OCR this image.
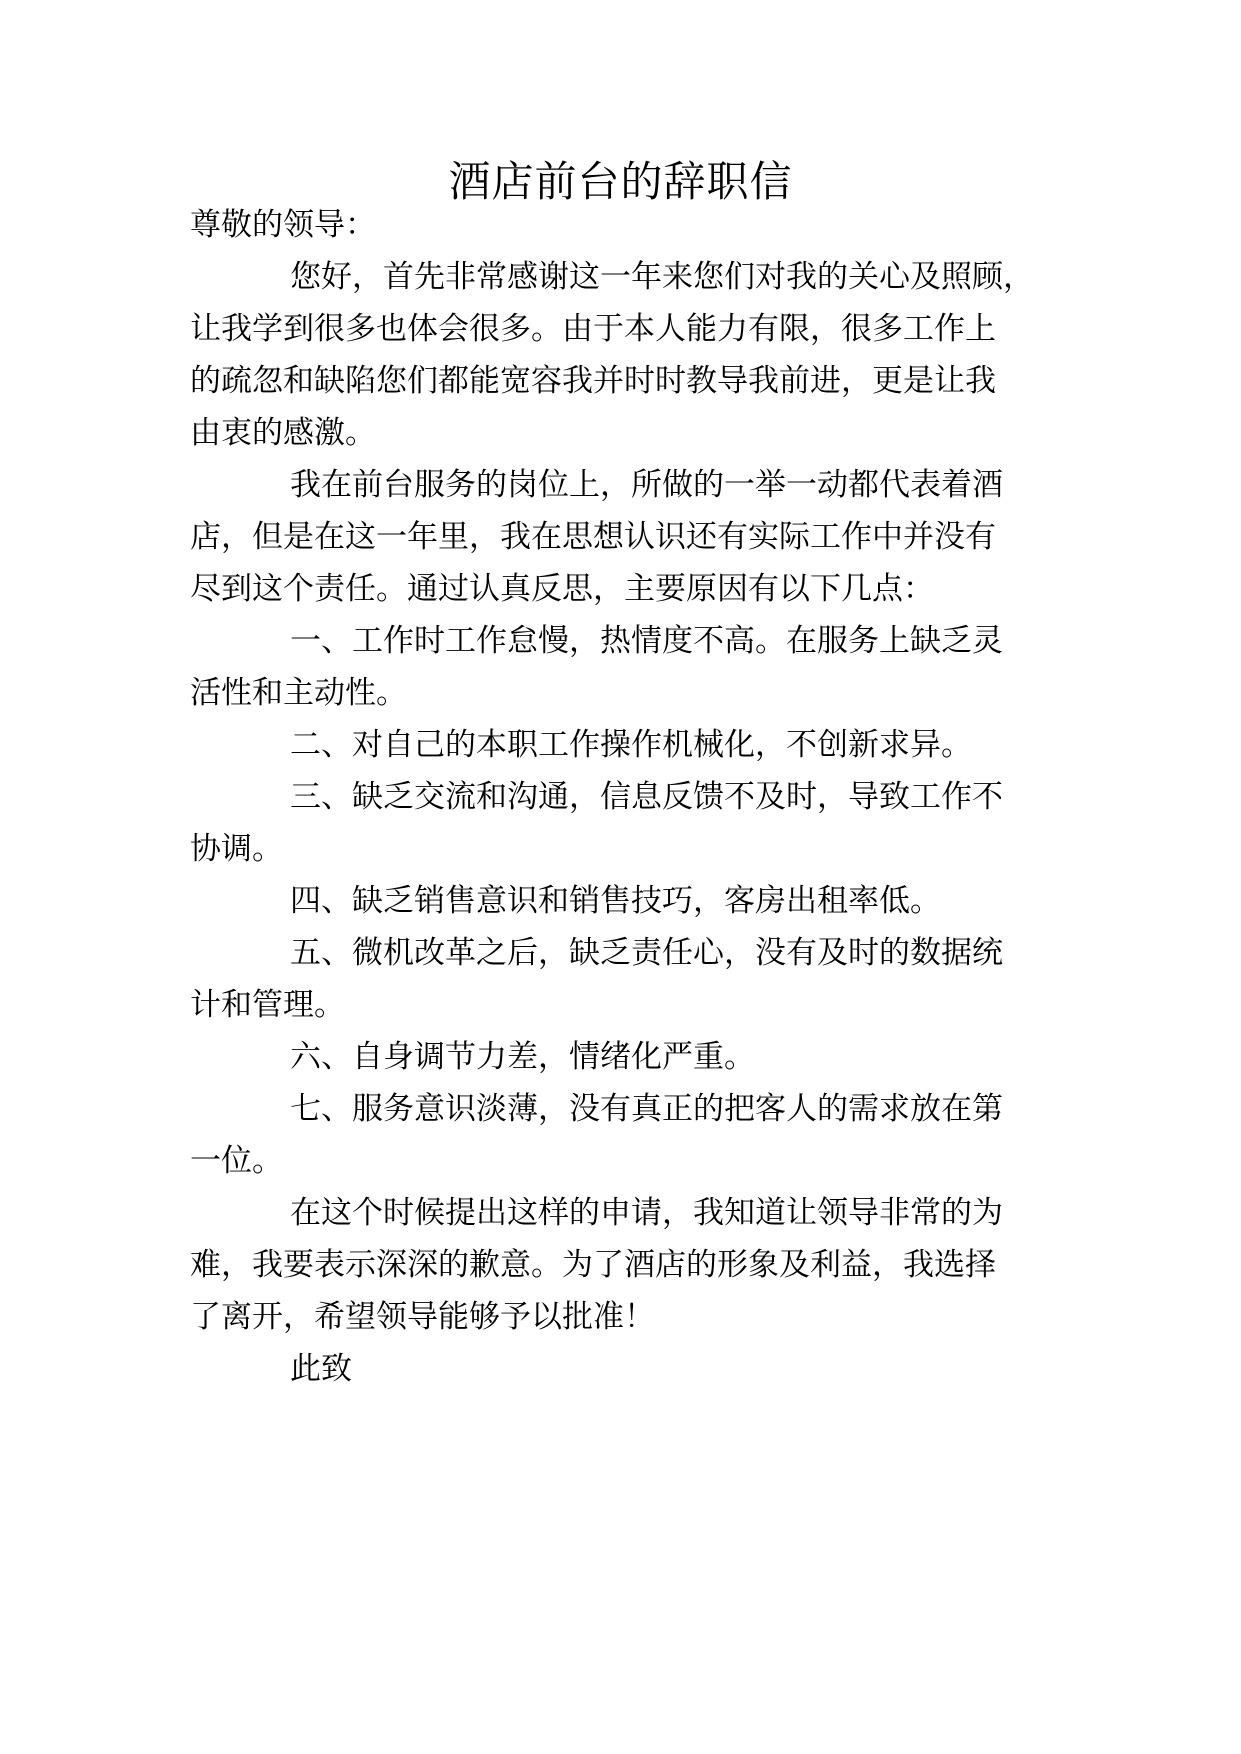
酒店前台的辞职信

尊敬的领导：

您好，首先非常感谢这一年来您们对我的关心及照顾，

让我学到很多也体会很多。由于本人能力有限，很多工作上

的疏忽和缺陷您们都能宽容我并时时教导我前进，更是让我

由衷的感激。

我在前台服务的岗位上，所做的一举一动都代表着酒

店，但是在这一年里，我在思想认识还有实际工作中并没有

尽到这个责任。通过认真反思，主要原因有以下几点：

一、工作时工作怠慢，热情度不高。在服务上缺乏灵

活性和主动性。

二、对自己的本职工作操作机械化，不创新求异。

三、缺乏交流和沟通，信息反馈不及时，导致工作不

协调。

四、缺乏销售意识和销售技巧，客房出租率低。

五、微机改革之后，缺乏责任心，没有及时的数据统

计和管理。

六、自身调节力差，情绪化严重。

七、服务意识淡薄，没有真正的把客人的需求放在第

一位。

在这个时候提出这样的申请，我知道让领导非常的为

难，我要表示深深的歉意。为了酒店的形象及利益，我选择

了离开，希望领导能够予以批准！

此致
